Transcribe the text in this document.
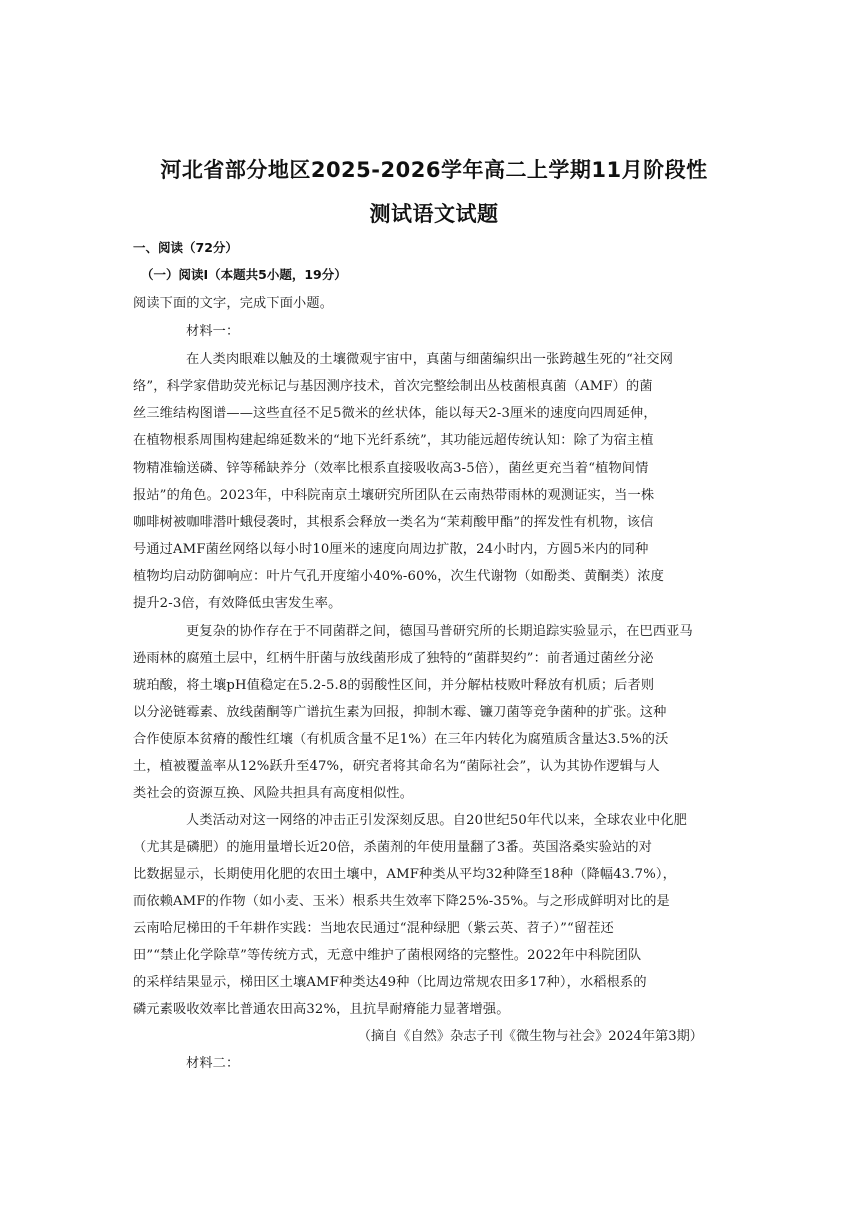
河北省部分地区2025-2026学年高二上学期11月阶段性
测试语文试题
一、阅读（72分）
（一）阅读Ⅰ（本题共5小题，19分）
阅读下面的文字，完成下面小题。
材料一：
在人类肉眼难以触及的土壤微观宇宙中，真菌与细菌编织出一张跨越生死的“社交网
络”，科学家借助荧光标记与基因测序技术，首次完整绘制出丛枝菌根真菌（AMF）的菌
丝三维结构图谱——这些直径不足5微米的丝状体，能以每天2-3厘米的速度向四周延伸，
在植物根系周围构建起绵延数米的“地下光纤系统”，其功能远超传统认知：除了为宿主植
物精准输送磷、锌等稀缺养分（效率比根系直接吸收高3-5倍），菌丝更充当着“植物间情
报站”的角色。2023年，中科院南京土壤研究所团队在云南热带雨林的观测证实，当一株
咖啡树被咖啡潜叶蛾侵袭时，其根系会释放一类名为“茉莉酸甲酯”的挥发性有机物，该信
号通过AMF菌丝网络以每小时10厘米的速度向周边扩散，24小时内，方圆5米内的同种
植物均启动防御响应：叶片气孔开度缩小40%-60%，次生代谢物（如酚类、黄酮类）浓度
提升2-3倍，有效降低虫害发生率。
更复杂的协作存在于不同菌群之间，德国马普研究所的长期追踪实验显示，在巴西亚马
逊雨林的腐殖土层中，红柄牛肝菌与放线菌形成了独特的“菌群契约”：前者通过菌丝分泌
琥珀酸，将土壤pH值稳定在5.2-5.8的弱酸性区间，并分解枯枝败叶释放有机质；后者则
以分泌链霉素、放线菌酮等广谱抗生素为回报，抑制木霉、镰刀菌等竞争菌种的扩张。这种
合作使原本贫瘠的酸性红壤（有机质含量不足1%）在三年内转化为腐殖质含量达3.5%的沃
土，植被覆盖率从12%跃升至47%，研究者将其命名为“菌际社会”，认为其协作逻辑与人
类社会的资源互换、风险共担具有高度相似性。
人类活动对这一网络的冲击正引发深刻反思。自20世纪50年代以来，全球农业中化肥
（尤其是磷肥）的施用量增长近20倍，杀菌剂的年使用量翻了3番。英国洛桑实验站的对
比数据显示，长期使用化肥的农田土壤中，AMF种类从平均32种降至18种（降幅43.7%），
而依赖AMF的作物（如小麦、玉米）根系共生效率下降25%-35%。与之形成鲜明对比的是
云南哈尼梯田的千年耕作实践：当地农民通过“混种绿肥（紫云英、苕子）”“留茬还
田”“禁止化学除草”等传统方式，无意中维护了菌根网络的完整性。2022年中科院团队
的采样结果显示，梯田区土壤AMF种类达49种（比周边常规农田多17种），水稻根系的
磷元素吸收效率比普通农田高32%，且抗旱耐瘠能力显著增强。
（摘自《自然》杂志子刊《微生物与社会》2024年第3期）
材料二：
